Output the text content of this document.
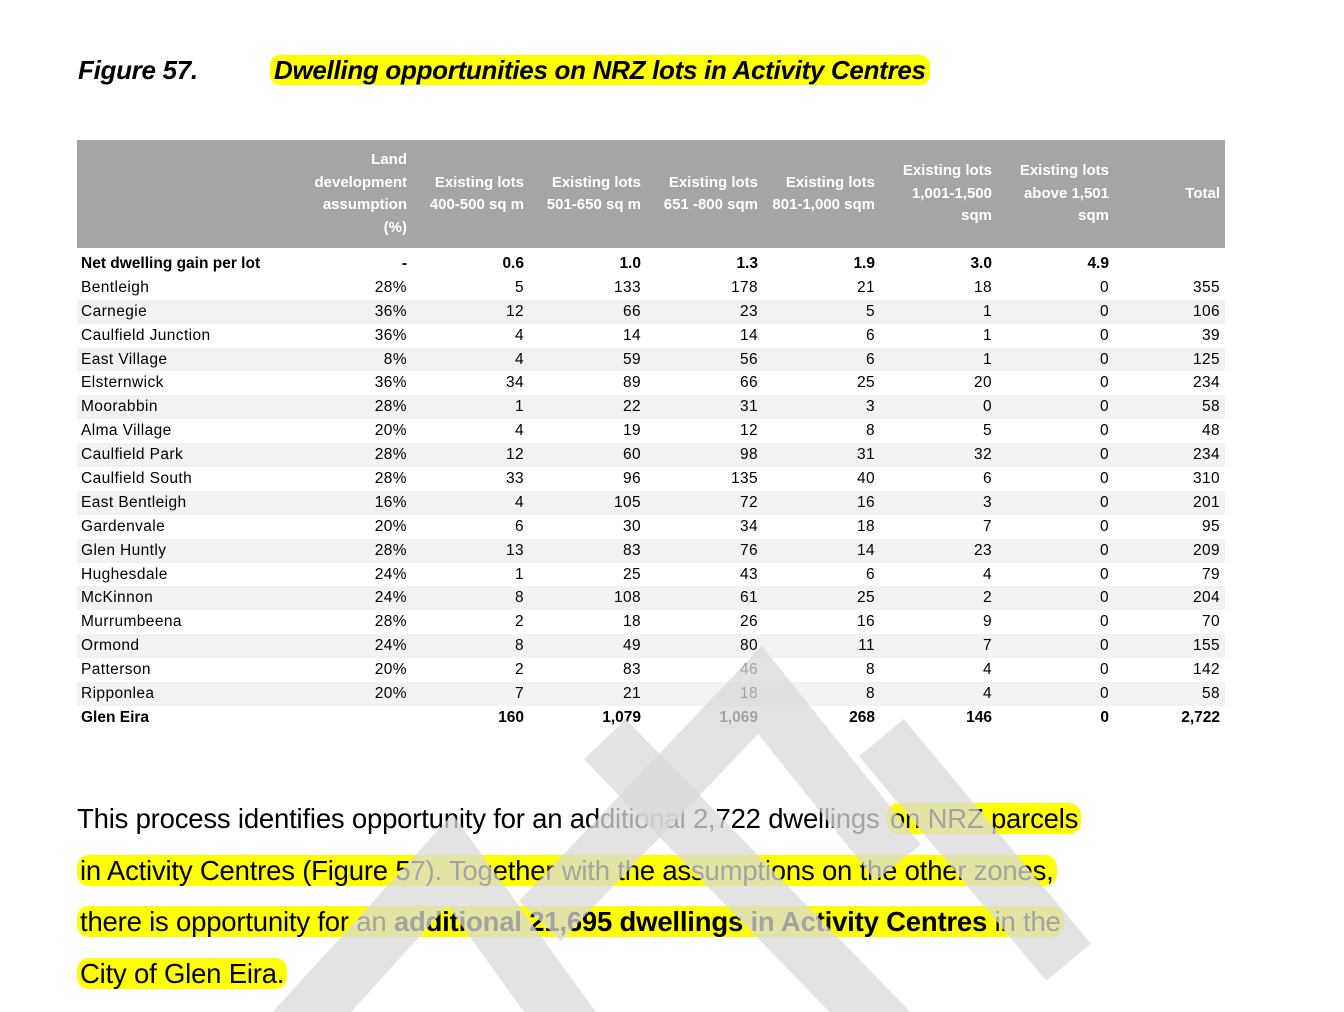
Figure 57.	Dwelling opportunities on NRZ lots in Activity Centres
	Land development assumption (%)	Existing lots 400-500 sq m	Existing lots 501-650 sq m	Existing lots 651 -800 sqm	Existing lots 801-1,000 sqm	Existing lots 1,001-1,500 sqm	Existing lots above 1,501 sqm	Total
Net dwelling gain per lot	-	0.6	1.0	1.3	1.9	3.0	4.9	
Bentleigh	28%	5	133	178	21	18	0	355
Carnegie	36%	12	66	23	5	1	0	106
Caulfield Junction	36%	4	14	14	6	1	0	39
East Village	8%	4	59	56	6	1	0	125
Elsternwick	36%	34	89	66	25	20	0	234
Moorabbin	28%	1	22	31	3	0	0	58
Alma Village	20%	4	19	12	8	5	0	48
Caulfield Park	28%	12	60	98	31	32	0	234
Caulfield South	28%	33	96	135	40	6	0	310
East Bentleigh	16%	4	105	72	16	3	0	201
Gardenvale	20%	6	30	34	18	7	0	95
Glen Huntly	28%	13	83	76	14	23	0	209
Hughesdale	24%	1	25	43	6	4	0	79
McKinnon	24%	8	108	61	25	2	0	204
Murrumbeena	28%	2	18	26	16	9	0	70
Ormond	24%	8	49	80	11	7	0	155
Patterson	20%	2	83	46	8	4	0	142
Ripponlea	20%	7	21	18	8	4	0	58
Glen Eira		160	1,079	1,069	268	146	0	2,722
This process identifies opportunity for an additional 2,722 dwellings on NRZ parcels
in Activity Centres (Figure 57). Together with the assumptions on the other zones,
there is opportunity for an additional 21,695 dwellings in Activity Centres in the
City of Glen Eira.
